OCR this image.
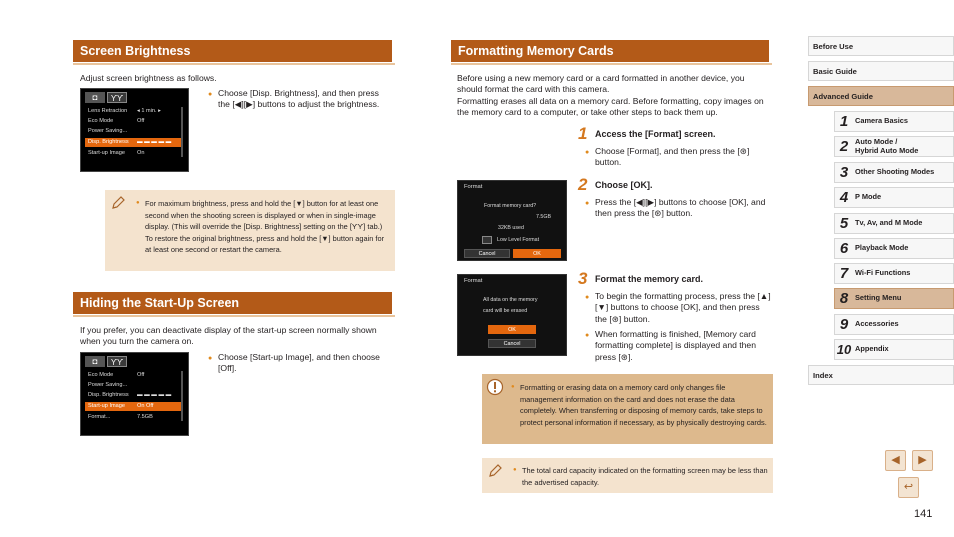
Screen Brightness
Adjust screen brightness as follows.
◘	ϒϒ
Lens Retraction	◂ 1 min. ▸
Eco Mode	Off
Power Saving...
Disp. Brightness	▬ ▬ ▬ ▬ ▬
Start-up Image	On
● Choose [Disp. Brightness], and then press the [◀][▶] buttons to adjust the brightness.
● For maximum brightness, press and hold the [▼] button for at least one second when the shooting screen is displayed or when in single-image display. (This will override the [Disp. Brightness] setting on the [ϒϒ] tab.) To restore the original brightness, press and hold the [▼] button again for at least one second or restart the camera.
Hiding the Start-Up Screen
If you prefer, you can deactivate display of the start-up screen normally shown when you turn the camera on.
◘	ϒϒ
Eco Mode	Off
Power Saving...
Disp. Brightness	▬ ▬ ▬ ▬ ▬
Start-up Image	On Off
Format...	7.5GB
● Choose [Start-up Image], and then choose [Off].
Formatting Memory Cards
Before using a new memory card or a card formatted in another device, you should format the card with this camera.
Formatting erases all data on a memory card. Before formatting, copy images on the memory card to a computer, or take other steps to back them up.
1 Access the [Format] screen.
● Choose [Format], and then press the [⊛] button.
2 Choose [OK].
● Press the [◀][▶] buttons to choose [OK], and then press the [⊛] button.
Format
Format memory card?
7.5GB
32KB used
Low Level Format
Cancel	OK
3 Format the memory card.
● To begin the formatting process, press the [▲][▼] buttons to choose [OK], and then press the [⊛] button.
● When formatting is finished, [Memory card formatting complete] is displayed and then press [⊛].
Format
All data on the memory
card will be erased
OK
Cancel
● Formatting or erasing data on a memory card only changes file management information on the card and does not erase the data completely. When transferring or disposing of memory cards, take steps to protect personal information if necessary, as by physically destroying cards.
● The total card capacity indicated on the formatting screen may be less than the advertised capacity.
Before Use
Basic Guide
Advanced Guide
1 Camera Basics
2 Auto Mode /
Hybrid Auto Mode
3 Other Shooting Modes
4 P Mode
5 Tv, Av, and M Mode
6 Playback Mode
7 Wi-Fi Functions
8 Setting Menu
9 Accessories
10 Appendix
Index
◀	▶
↩
141
